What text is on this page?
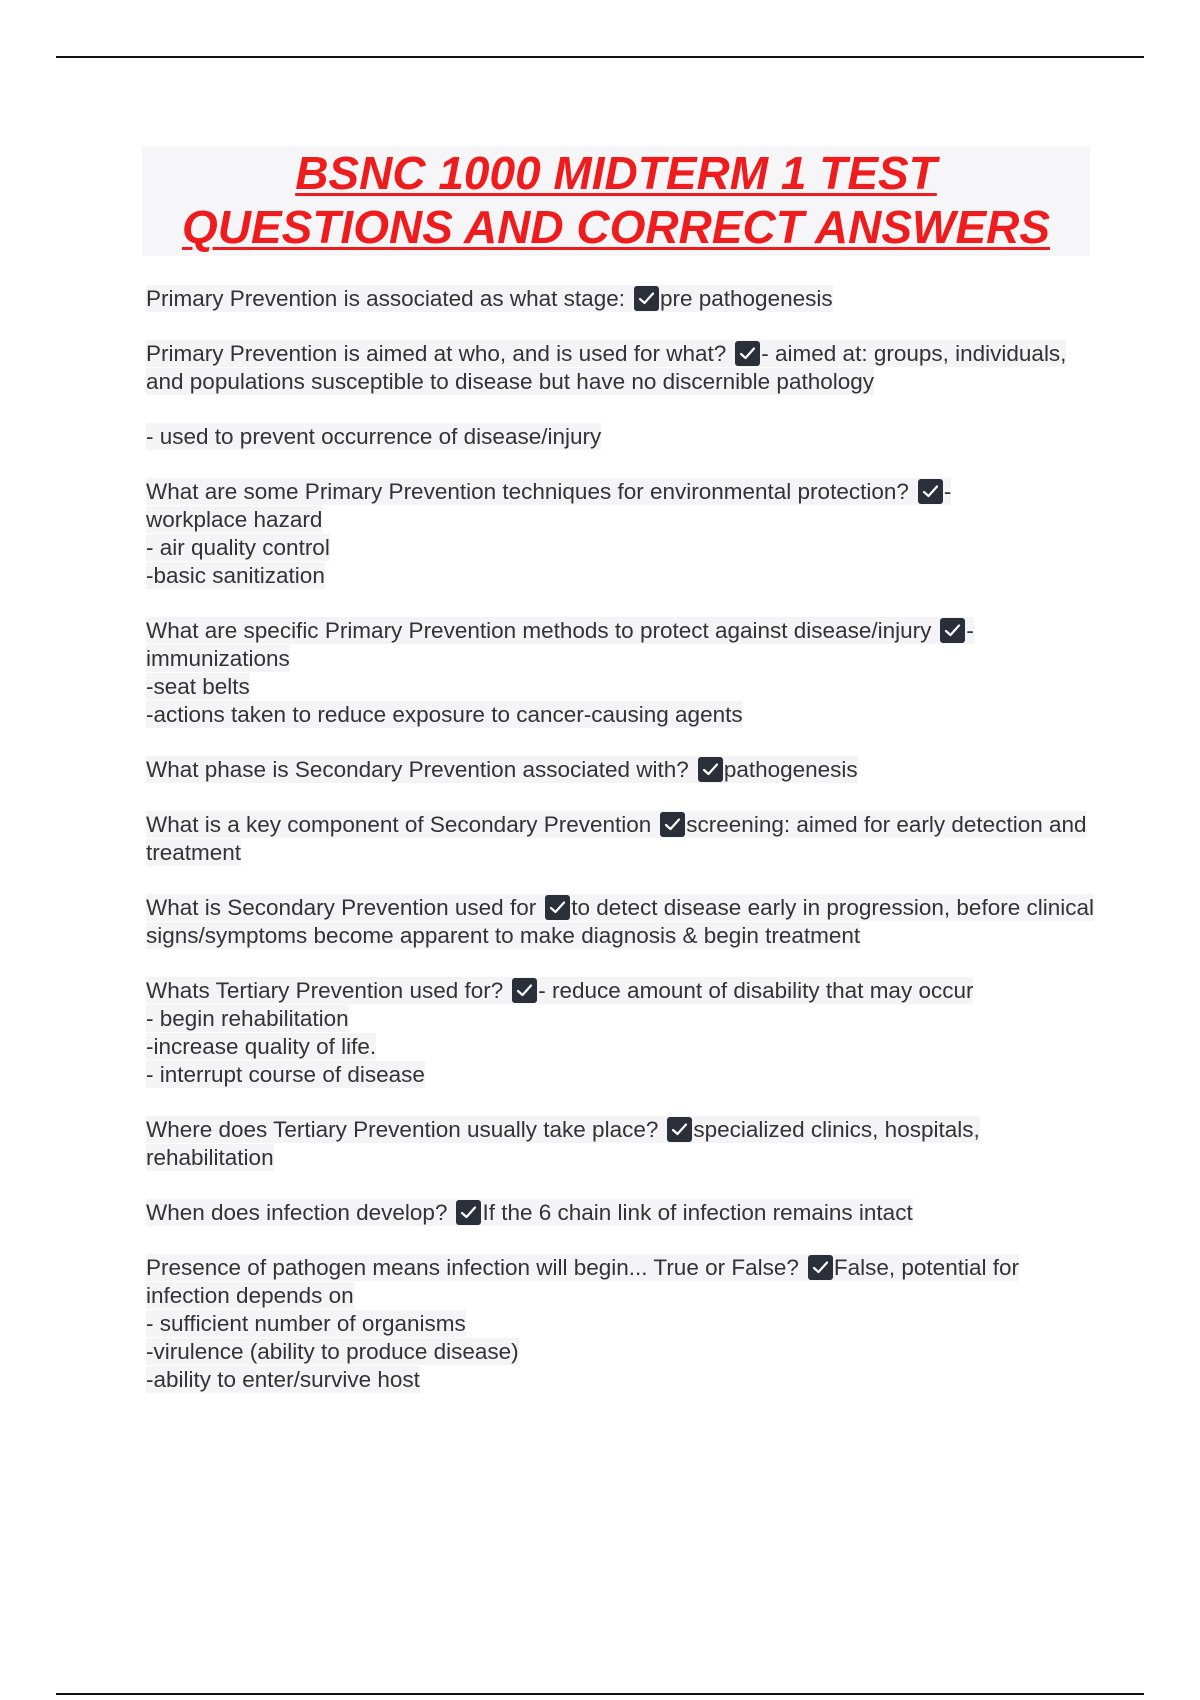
BSNC 1000 MIDTERM 1 TEST
QUESTIONS AND CORRECT ANSWERS
Primary Prevention is associated as what stage: pre pathogenesis
Primary Prevention is aimed at who, and is used for what? - aimed at: groups, individuals, and populations susceptible to disease but have no discernible pathology
- used to prevent occurrence of disease/injury
What are some Primary Prevention techniques for environmental protection? -
workplace hazard
- air quality control
-basic sanitization
What are specific Primary Prevention methods to protect against disease/injury -
immunizations
-seat belts
-actions taken to reduce exposure to cancer-causing agents
What phase is Secondary Prevention associated with? pathogenesis
What is a key component of Secondary Prevention screening: aimed for early detection and treatment
What is Secondary Prevention used for to detect disease early in progression, before clinical signs/symptoms become apparent to make diagnosis & begin treatment
Whats Tertiary Prevention used for? - reduce amount of disability that may occur
- begin rehabilitation
-increase quality of life.
- interrupt course of disease
Where does Tertiary Prevention usually take place? specialized clinics, hospitals, rehabilitation
When does infection develop? If the 6 chain link of infection remains intact
Presence of pathogen means infection will begin... True or False? False, potential for infection depends on
- sufficient number of organisms
-virulence (ability to produce disease)
-ability to enter/survive host
